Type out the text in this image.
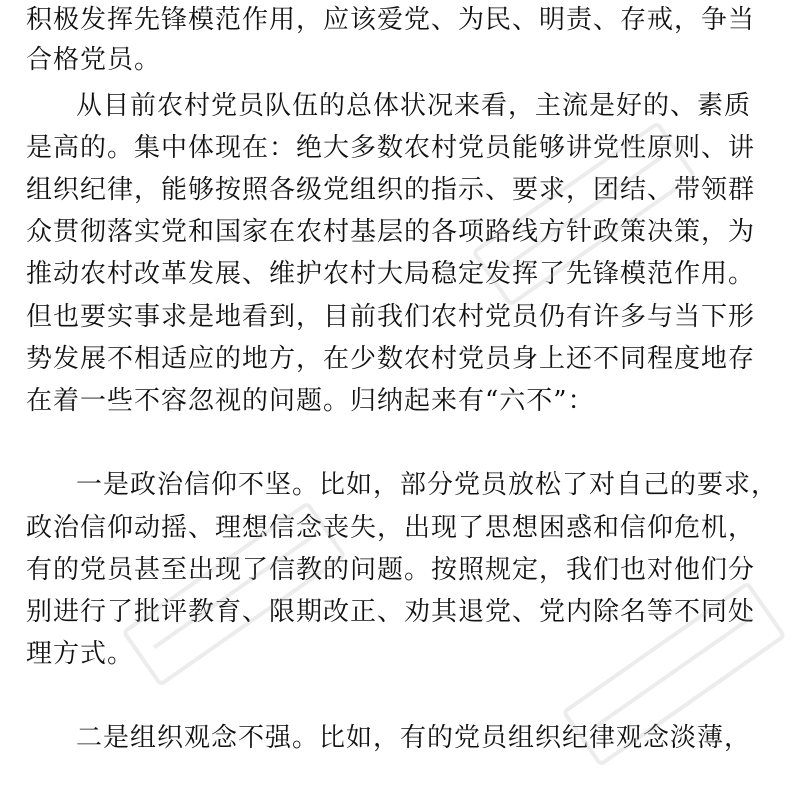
积极发挥先锋模范作用，应该爱党、为民、明责、存戒，争当
合格党员。
从目前农村党员队伍的总体状况来看，主流是好的、素质
是高的。集中体现在：绝大多数农村党员能够讲党性原则、讲
组织纪律，能够按照各级党组织的指示、要求，团结、带领群
众贯彻落实党和国家在农村基层的各项路线方针政策决策，为
推动农村改革发展、维护农村大局稳定发挥了先锋模范作用。
但也要实事求是地看到，目前我们农村党员仍有许多与当下形
势发展不相适应的地方，在少数农村党员身上还不同程度地存
在着一些不容忽视的问题。归纳起来有“六不”：
一是政治信仰不坚。比如，部分党员放松了对自己的要求，
政治信仰动摇、理想信念丧失，出现了思想困惑和信仰危机，
有的党员甚至出现了信教的问题。按照规定，我们也对他们分
别进行了批评教育、限期改正、劝其退党、党内除名等不同处
理方式。
二是组织观念不强。比如，有的党员组织纪律观念淡薄，
